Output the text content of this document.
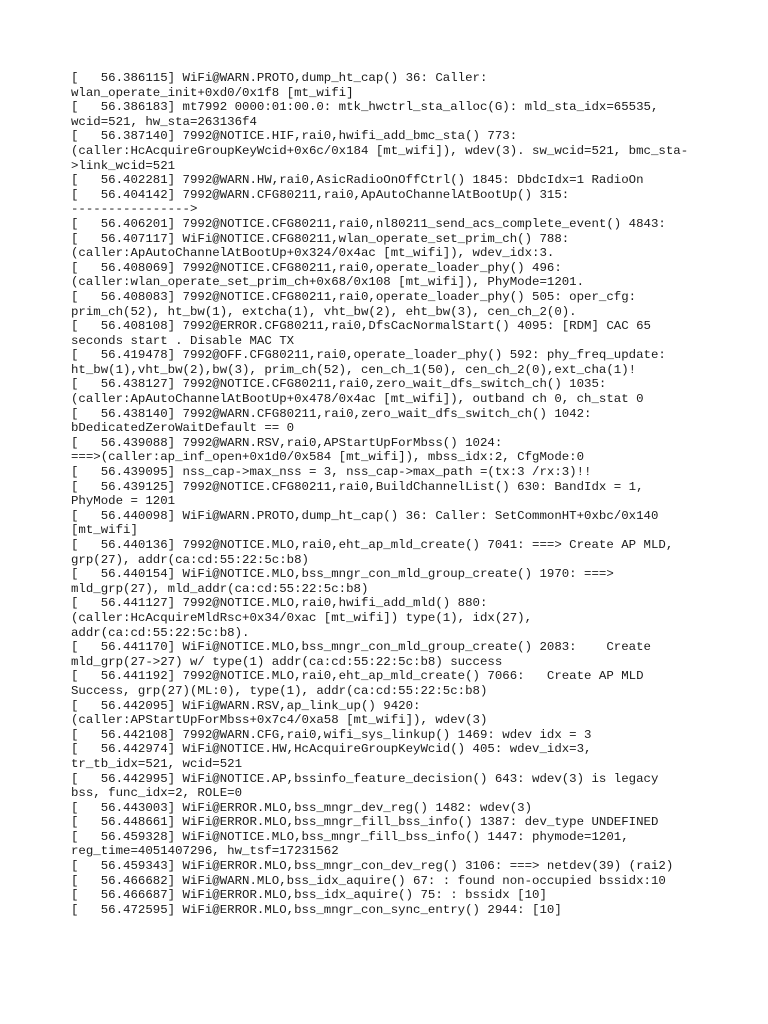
[   56.386115] WiFi@WARN.PROTO,dump_ht_cap() 36: Caller:
wlan_operate_init+0xd0/0x1f8 [mt_wifi]
[   56.386183] mt7992 0000:01:00.0: mtk_hwctrl_sta_alloc(G): mld_sta_idx=65535,
wcid=521, hw_sta=263136f4
[   56.387140] 7992@NOTICE.HIF,rai0,hwifi_add_bmc_sta() 773:
(caller:HcAcquireGroupKeyWcid+0x6c/0x184 [mt_wifi]), wdev(3). sw_wcid=521, bmc_sta-
>link_wcid=521
[   56.402281] 7992@WARN.HW,rai0,AsicRadioOnOffCtrl() 1845: DbdcIdx=1 RadioOn
[   56.404142] 7992@WARN.CFG80211,rai0,ApAutoChannelAtBootUp() 315:
---------------->
[   56.406201] 7992@NOTICE.CFG80211,rai0,nl80211_send_acs_complete_event() 4843:
[   56.407117] WiFi@NOTICE.CFG80211,wlan_operate_set_prim_ch() 788:
(caller:ApAutoChannelAtBootUp+0x324/0x4ac [mt_wifi]), wdev_idx:3.
[   56.408069] 7992@NOTICE.CFG80211,rai0,operate_loader_phy() 496:
(caller:wlan_operate_set_prim_ch+0x68/0x108 [mt_wifi]), PhyMode=1201.
[   56.408083] 7992@NOTICE.CFG80211,rai0,operate_loader_phy() 505: oper_cfg:
prim_ch(52), ht_bw(1), extcha(1), vht_bw(2), eht_bw(3), cen_ch_2(0).
[   56.408108] 7992@ERROR.CFG80211,rai0,DfsCacNormalStart() 4095: [RDM] CAC 65
seconds start . Disable MAC TX
[   56.419478] 7992@OFF.CFG80211,rai0,operate_loader_phy() 592: phy_freq_update:
ht_bw(1),vht_bw(2),bw(3), prim_ch(52), cen_ch_1(50), cen_ch_2(0),ext_cha(1)!
[   56.438127] 7992@NOTICE.CFG80211,rai0,zero_wait_dfs_switch_ch() 1035:
(caller:ApAutoChannelAtBootUp+0x478/0x4ac [mt_wifi]), outband ch 0, ch_stat 0
[   56.438140] 7992@WARN.CFG80211,rai0,zero_wait_dfs_switch_ch() 1042:
bDedicatedZeroWaitDefault == 0
[   56.439088] 7992@WARN.RSV,rai0,APStartUpForMbss() 1024:
===>(caller:ap_inf_open+0x1d0/0x584 [mt_wifi]), mbss_idx:2, CfgMode:0
[   56.439095] nss_cap->max_nss = 3, nss_cap->max_path =(tx:3 /rx:3)!!
[   56.439125] 7992@NOTICE.CFG80211,rai0,BuildChannelList() 630: BandIdx = 1,
PhyMode = 1201
[   56.440098] WiFi@WARN.PROTO,dump_ht_cap() 36: Caller: SetCommonHT+0xbc/0x140
[mt_wifi]
[   56.440136] 7992@NOTICE.MLO,rai0,eht_ap_mld_create() 7041: ===> Create AP MLD,
grp(27), addr(ca:cd:55:22:5c:b8)
[   56.440154] WiFi@NOTICE.MLO,bss_mngr_con_mld_group_create() 1970: ===>
mld_grp(27), mld_addr(ca:cd:55:22:5c:b8)
[   56.441127] 7992@NOTICE.MLO,rai0,hwifi_add_mld() 880:
(caller:HcAcquireMldRsc+0x34/0xac [mt_wifi]) type(1), idx(27),
addr(ca:cd:55:22:5c:b8).
[   56.441170] WiFi@NOTICE.MLO,bss_mngr_con_mld_group_create() 2083:    Create
mld_grp(27->27) w/ type(1) addr(ca:cd:55:22:5c:b8) success
[   56.441192] 7992@NOTICE.MLO,rai0,eht_ap_mld_create() 7066:   Create AP MLD
Success, grp(27)(ML:0), type(1), addr(ca:cd:55:22:5c:b8)
[   56.442095] WiFi@WARN.RSV,ap_link_up() 9420:
(caller:APStartUpForMbss+0x7c4/0xa58 [mt_wifi]), wdev(3)
[   56.442108] 7992@WARN.CFG,rai0,wifi_sys_linkup() 1469: wdev idx = 3
[   56.442974] WiFi@NOTICE.HW,HcAcquireGroupKeyWcid() 405: wdev_idx=3,
tr_tb_idx=521, wcid=521
[   56.442995] WiFi@NOTICE.AP,bssinfo_feature_decision() 643: wdev(3) is legacy
bss, func_idx=2, ROLE=0
[   56.443003] WiFi@ERROR.MLO,bss_mngr_dev_reg() 1482: wdev(3)
[   56.448661] WiFi@ERROR.MLO,bss_mngr_fill_bss_info() 1387: dev_type UNDEFINED
[   56.459328] WiFi@NOTICE.MLO,bss_mngr_fill_bss_info() 1447: phymode=1201,
reg_time=4051407296, hw_tsf=17231562
[   56.459343] WiFi@ERROR.MLO,bss_mngr_con_dev_reg() 3106: ===> netdev(39) (rai2)
[   56.466682] WiFi@WARN.MLO,bss_idx_aquire() 67: : found non-occupied bssidx:10
[   56.466687] WiFi@ERROR.MLO,bss_idx_aquire() 75: : bssidx [10]
[   56.472595] WiFi@ERROR.MLO,bss_mngr_con_sync_entry() 2944: [10]
